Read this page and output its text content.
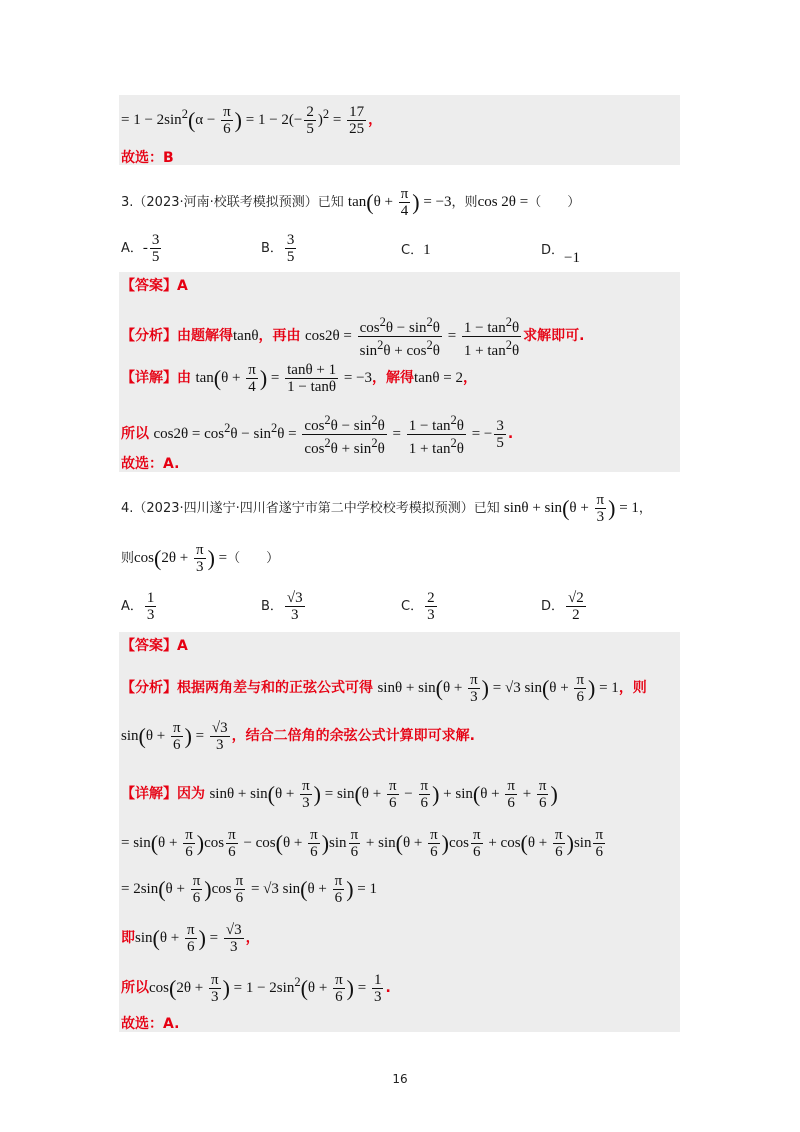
= $1 - 2\sin^2(\alpha - \frac{\pi}{6}$ ) = $1 - 2(- \frac{2}{5} )^2 = \frac{17}{25}$ ，
故选：B
3.（2023·河南·校联考模拟预测）已知 $\tan(\theta + \frac{\pi}{4}$ ) = −3，则cos 2θ =（　　）
A．- $\frac{3}{5}$	B． $\frac{3}{5}$	C．1	D．−1
【答案】A
【分析】由题解得tanθ，再由 $\cos 2\theta = \frac{\cos^2\theta - \sin^2\theta}{\sin^2\theta + \cos^2\theta} = \frac{1 - \tan^2\theta}{1 + \tan^2\theta}$ 求解即可.
【详解】由 $\tan(\theta + \frac{\pi}{4}$ ) = $\frac{\tan\theta + 1}{1 - \tan\theta} = -3$，解得tanθ = 2，
所以 $\cos 2\theta = \cos^2\theta - \sin^2\theta = \frac{\cos^2\theta - \sin^2\theta}{\cos^2\theta + \sin^2\theta} = \frac{1 - \tan^2\theta}{1 + \tan^2\theta}$ = − $\frac{3}{5}$ .
故选：A.
4.（2023·四川遂宁·四川省遂宁市第二中学校校考模拟预测）已知 $\sin\theta + \sin(\theta + \frac{\pi}{3}$ ) = 1，
则$\cos(2\theta + \frac{\pi}{3}$ ) =（　　）
A． $\frac{1}{3}$	B． $\frac{√3}{3}$	C． $\frac{2}{3}$	D． $\frac{√2}{2}$
【答案】A
【分析】根据两角差与和的正弦公式可得 $\sin\theta + \sin(\theta + \frac{\pi}{3}$ ) = √3 $\sin(\theta + \frac{\pi}{6}$ ) = 1，则
$\sin(\theta + \frac{\pi}{6}$ ) = $\frac{√3}{3}$ ，结合二倍角的余弦公式计算即可求解.
【详解】因为 $\sin\theta + \sin(\theta + \frac{\pi}{3}$ ) = $\sin(\theta + \frac{\pi}{6} - \frac{\pi}{6}$ ) + $\sin(\theta + \frac{\pi}{6} + \frac{\pi}{6}$ )
= $\sin(\theta + \frac{\pi}{6} )\cos \frac{\pi}{6} - \cos(\theta + \frac{\pi}{6} )\sin \frac{\pi}{6} + \sin(\theta + \frac{\pi}{6} )\cos \frac{\pi}{6} + \cos(\theta + \frac{\pi}{6} )\sin \frac{\pi}{6}$
= $2\sin(\theta + \frac{\pi}{6} )\cos \frac{\pi}{6} = √3$ $\sin(\theta + \frac{\pi}{6}$ ) = 1
即$\sin(\theta + \frac{\pi}{6}$ ) = $\frac{√3}{3}$ ，
所以$\cos(2\theta + \frac{\pi}{3}$ ) = $1 - 2\sin^2(\theta + \frac{\pi}{6}$ ) = $\frac{1}{3}$ .
故选：A.
16
